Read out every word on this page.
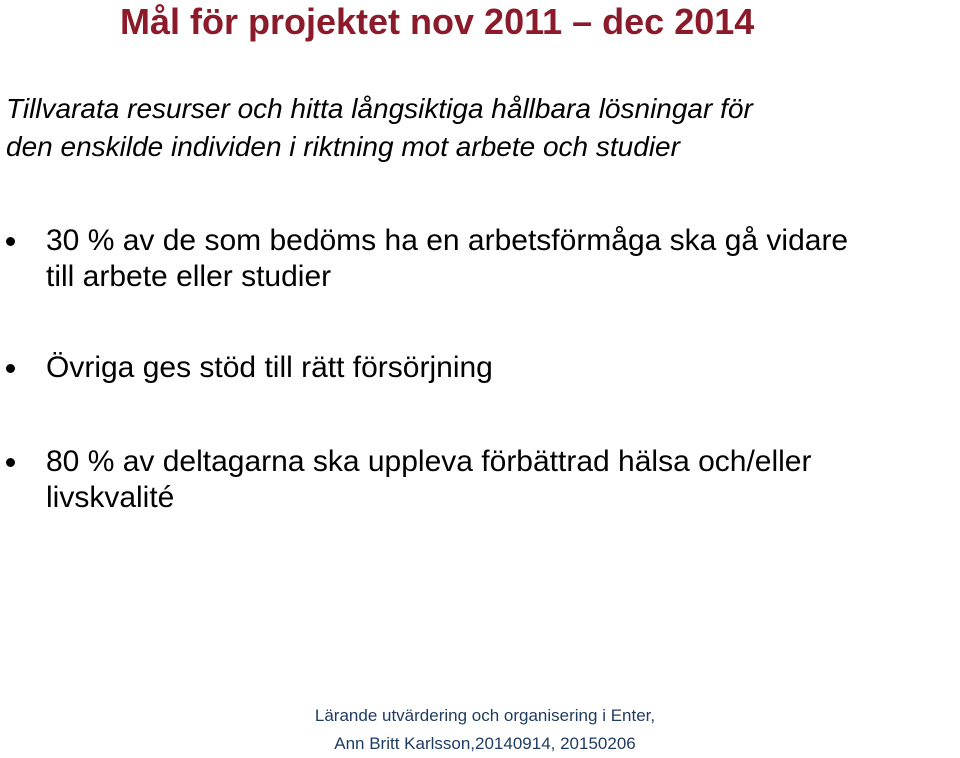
Mål för projektet nov 2011 – dec 2014
Tillvarata resurser och hitta långsiktiga hållbara lösningar för
den enskilde individen i riktning mot arbete och studier
30 % av de som bedöms ha en arbetsförmåga ska gå vidare
till arbete eller studier
Övriga ges stöd till rätt försörjning
80 % av deltagarna ska uppleva förbättrad hälsa och/eller
livskvalité
Lärande utvärdering och organisering i Enter,
Ann Britt Karlsson,20140914, 20150206
